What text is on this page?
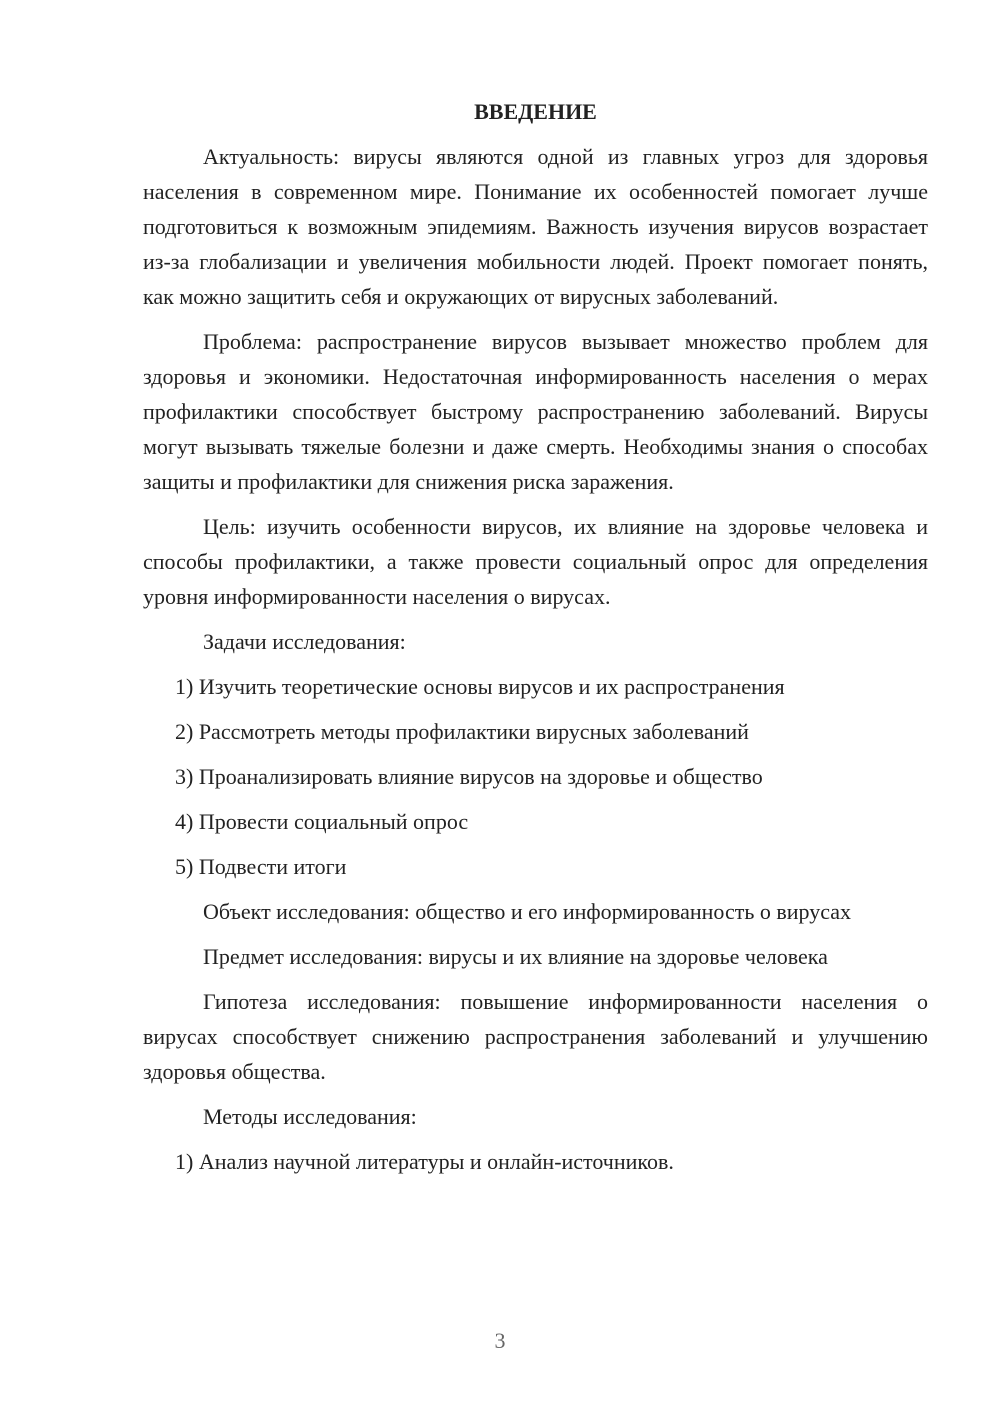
ВВЕДЕНИЕ

Актуальность: вирусы являются одной из главных угроз для здоровья населения в современном мире. Понимание их особенностей помогает лучше подготовиться к возможным эпидемиям. Важность изучения вирусов возрастает из-за глобализации и увеличения мобильности людей. Проект помогает понять, как можно защитить себя и окружающих от вирусных заболеваний.

Проблема: распространение вирусов вызывает множество проблем для здоровья и экономики. Недостаточная информированность населения о мерах профилактики способствует быстрому распространению заболеваний. Вирусы могут вызывать тяжелые болезни и даже смерть. Необходимы знания о способах защиты и профилактики для снижения риска заражения.

Цель: изучить особенности вирусов, их влияние на здоровье человека и способы профилактики, а также провести социальный опрос для определения уровня информированности населения о вирусах.

Задачи исследования:
1) Изучить теоретические основы вирусов и их распространения
2) Рассмотреть методы профилактики вирусных заболеваний
3) Проанализировать влияние вирусов на здоровье и общество
4) Провести социальный опрос
5) Подвести итоги

Объект исследования: общество и его информированность о вирусах

Предмет исследования: вирусы и их влияние на здоровье человека

Гипотеза исследования: повышение информированности населения о вирусах способствует снижению распространения заболеваний и улучшению здоровья общества.

Методы исследования:
1) Анализ научной литературы и онлайн-источников.
3
